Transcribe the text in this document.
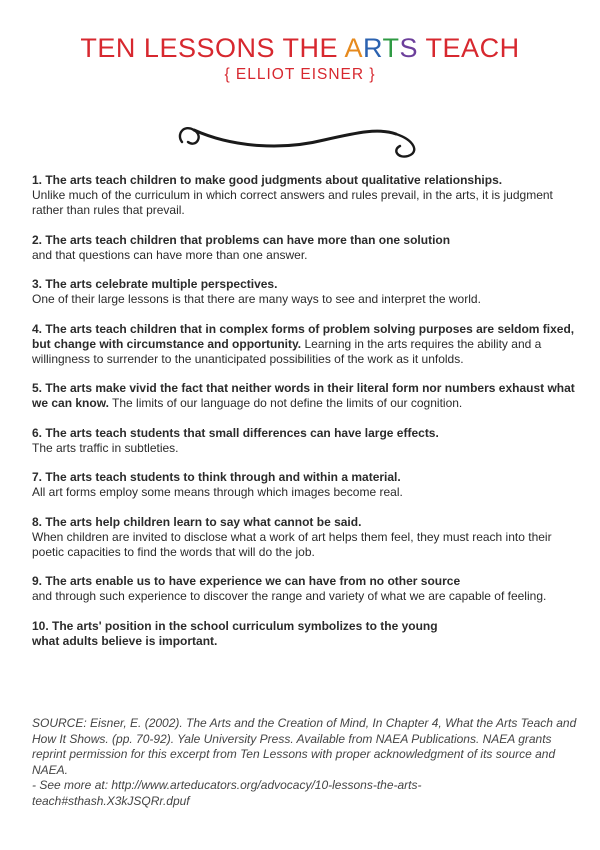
TEN LESSONS THE ARTS TEACH
{ ELLIOT EISNER }
1. The arts teach children to make good judgments about qualitative relationships.
Unlike much of the curriculum in which correct answers and rules prevail, in the arts, it is judgment rather than rules that prevail.
2. The arts teach children that problems can have more than one solution
and that questions can have more than one answer.
3. The arts celebrate multiple perspectives.
One of their large lessons is that there are many ways to see and interpret the world.
4. The arts teach children that in complex forms of problem solving purposes are seldom fixed, but change with circumstance and opportunity. Learning in the arts requires the ability and a willingness to surrender to the unanticipated possibilities of the work as it unfolds.
5. The arts make vivid the fact that neither words in their literal form nor numbers exhaust what we can know. The limits of our language do not define the limits of our cognition.
6. The arts teach students that small differences can have large effects.
The arts traffic in subtleties.
7. The arts teach students to think through and within a material.
All art forms employ some means through which images become real.
8. The arts help children learn to say what cannot be said.
When children are invited to disclose what a work of art helps them feel, they must reach into their poetic capacities to find the words that will do the job.
9. The arts enable us to have experience we can have from no other source
and through such experience to discover the range and variety of what we are capable of feeling.
10. The arts' position in the school curriculum symbolizes to the young
what adults believe is important.
SOURCE: Eisner, E. (2002). The Arts and the Creation of Mind, In Chapter 4, What the Arts Teach and How It Shows. (pp. 70-92). Yale University Press. Available from NAEA Publications. NAEA grants reprint permission for this excerpt from Ten Lessons with proper acknowledgment of its source and NAEA.
- See more at: http://www.arteducators.org/advocacy/10-lessons-the-arts-teach#sthash.X3kJSQRr.dpuf
